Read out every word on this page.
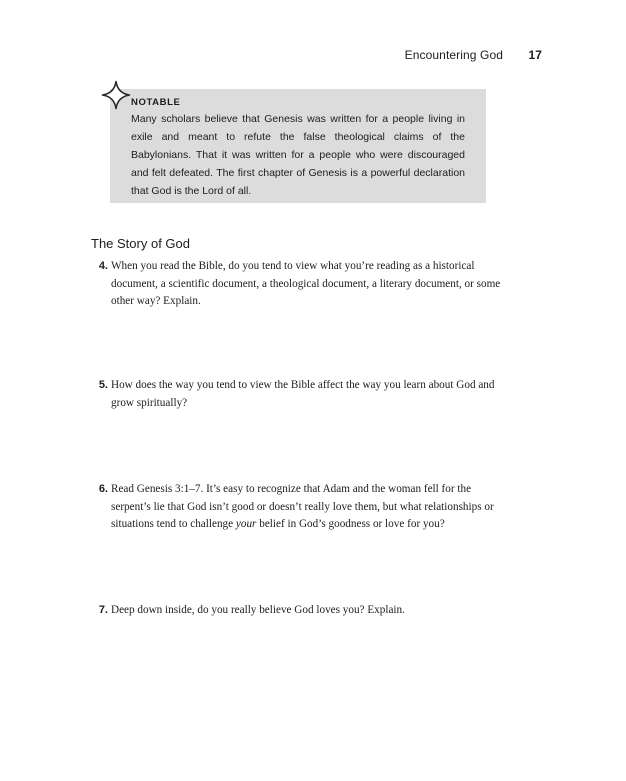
Encountering God 17

NOTABLE

Many scholars believe that Genesis was written for a people living in exile and meant to refute the false theological claims of the Babylonians. That it was written for a people who were discouraged and felt defeated. The first chapter of Genesis is a powerful declaration that God is the Lord of all.

The Story of God
4. When you read the Bible, do you tend to view what you’re reading as a historical document, a scientific document, a theological document, a literary document, or some other way? Explain.
5. How does the way you tend to view the Bible affect the way you learn about God and grow spiritually?
6. Read Genesis 3:1–7. It’s easy to recognize that Adam and the woman fell for the serpent’s lie that God isn’t good or doesn’t really love them, but what relationships or situations tend to challenge your belief in God’s goodness or love for you?
7. Deep down inside, do you really believe God loves you? Explain.
